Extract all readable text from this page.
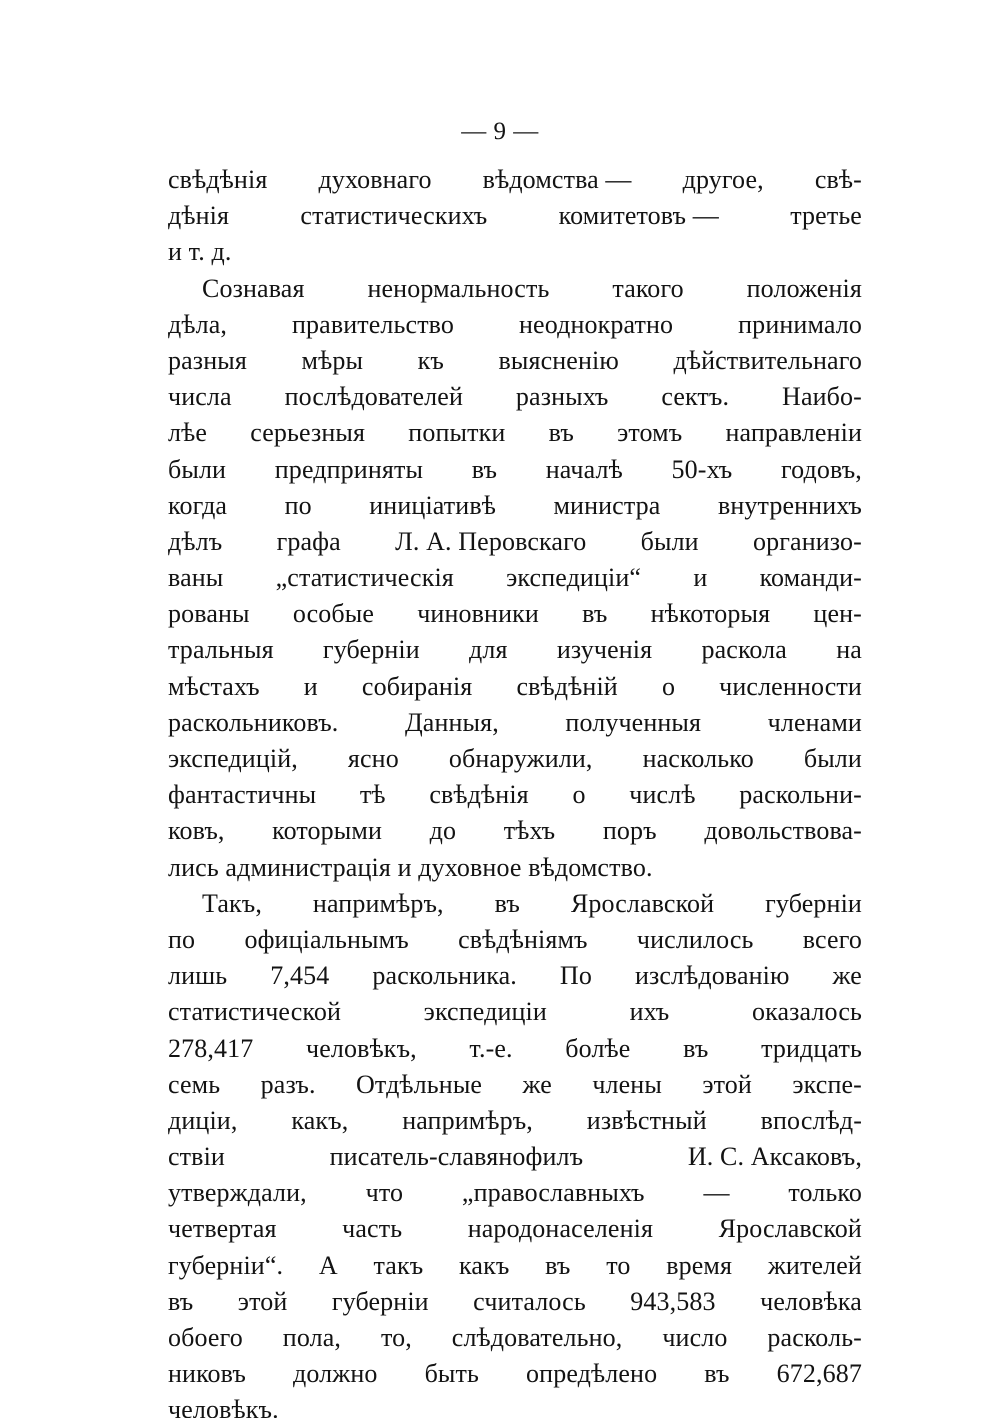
— 9 —
свѣдѣнія духовнаго вѣдомства — другое, свѣ-
дѣнія	статистическихъ	комитетовъ —	третье
и т. д.
Сознавая ненормальность такого положенія
дѣла, правительство неоднократно принимало
разныя мѣры къ выясненію дѣйствительнаго
числа послѣдователей разныхъ сектъ. Наибо-
лѣе серьезныя попытки въ этомъ направленіи
были предприняты въ началѣ 50-хъ годовъ,
когда по иниціативѣ министра внутреннихъ
дѣлъ графа Л. А. Перовскаго были организо-
ваны „статистическія экспедиціи“ и команди-
рованы особые чиновники въ нѣкоторыя цен-
тральныя губерніи для изученія раскола на
мѣстахъ и собиранія свѣдѣній о численности
раскольниковъ.	Данныя,	полученныя	членами
экспедицій, ясно обнаружили, насколько были
фантастичны тѣ свѣдѣнія о числѣ раскольни-
ковъ, которыми до тѣхъ поръ довольствова-
лись администрація и духовное вѣдомство.
Такъ, напримѣръ, въ Ярославской губерніи
по офиціальнымъ свѣдѣніямъ числилось всего
лишь 7,454 раскольника. По изслѣдованію же
статистической	экспедиціи	ихъ	оказалось
278,417 человѣкъ, т.-е. болѣе въ тридцать
семь разъ. Отдѣльные же члены этой экспе-
диціи, какъ, напримѣръ, извѣстный впослѣд-
ствіи	писатель-славянофилъ	И. С. Аксаковъ,
утверждали, что „православныхъ — только
четвертая	часть	народонаселенія	Ярославской
губерніи“. А такъ какъ въ то время жителей
въ этой губерніи считалось 943,583 человѣка
обоего пола, то, слѣдовательно, число расколь-
никовъ должно быть опредѣлено въ 672,687
человѣкъ.
